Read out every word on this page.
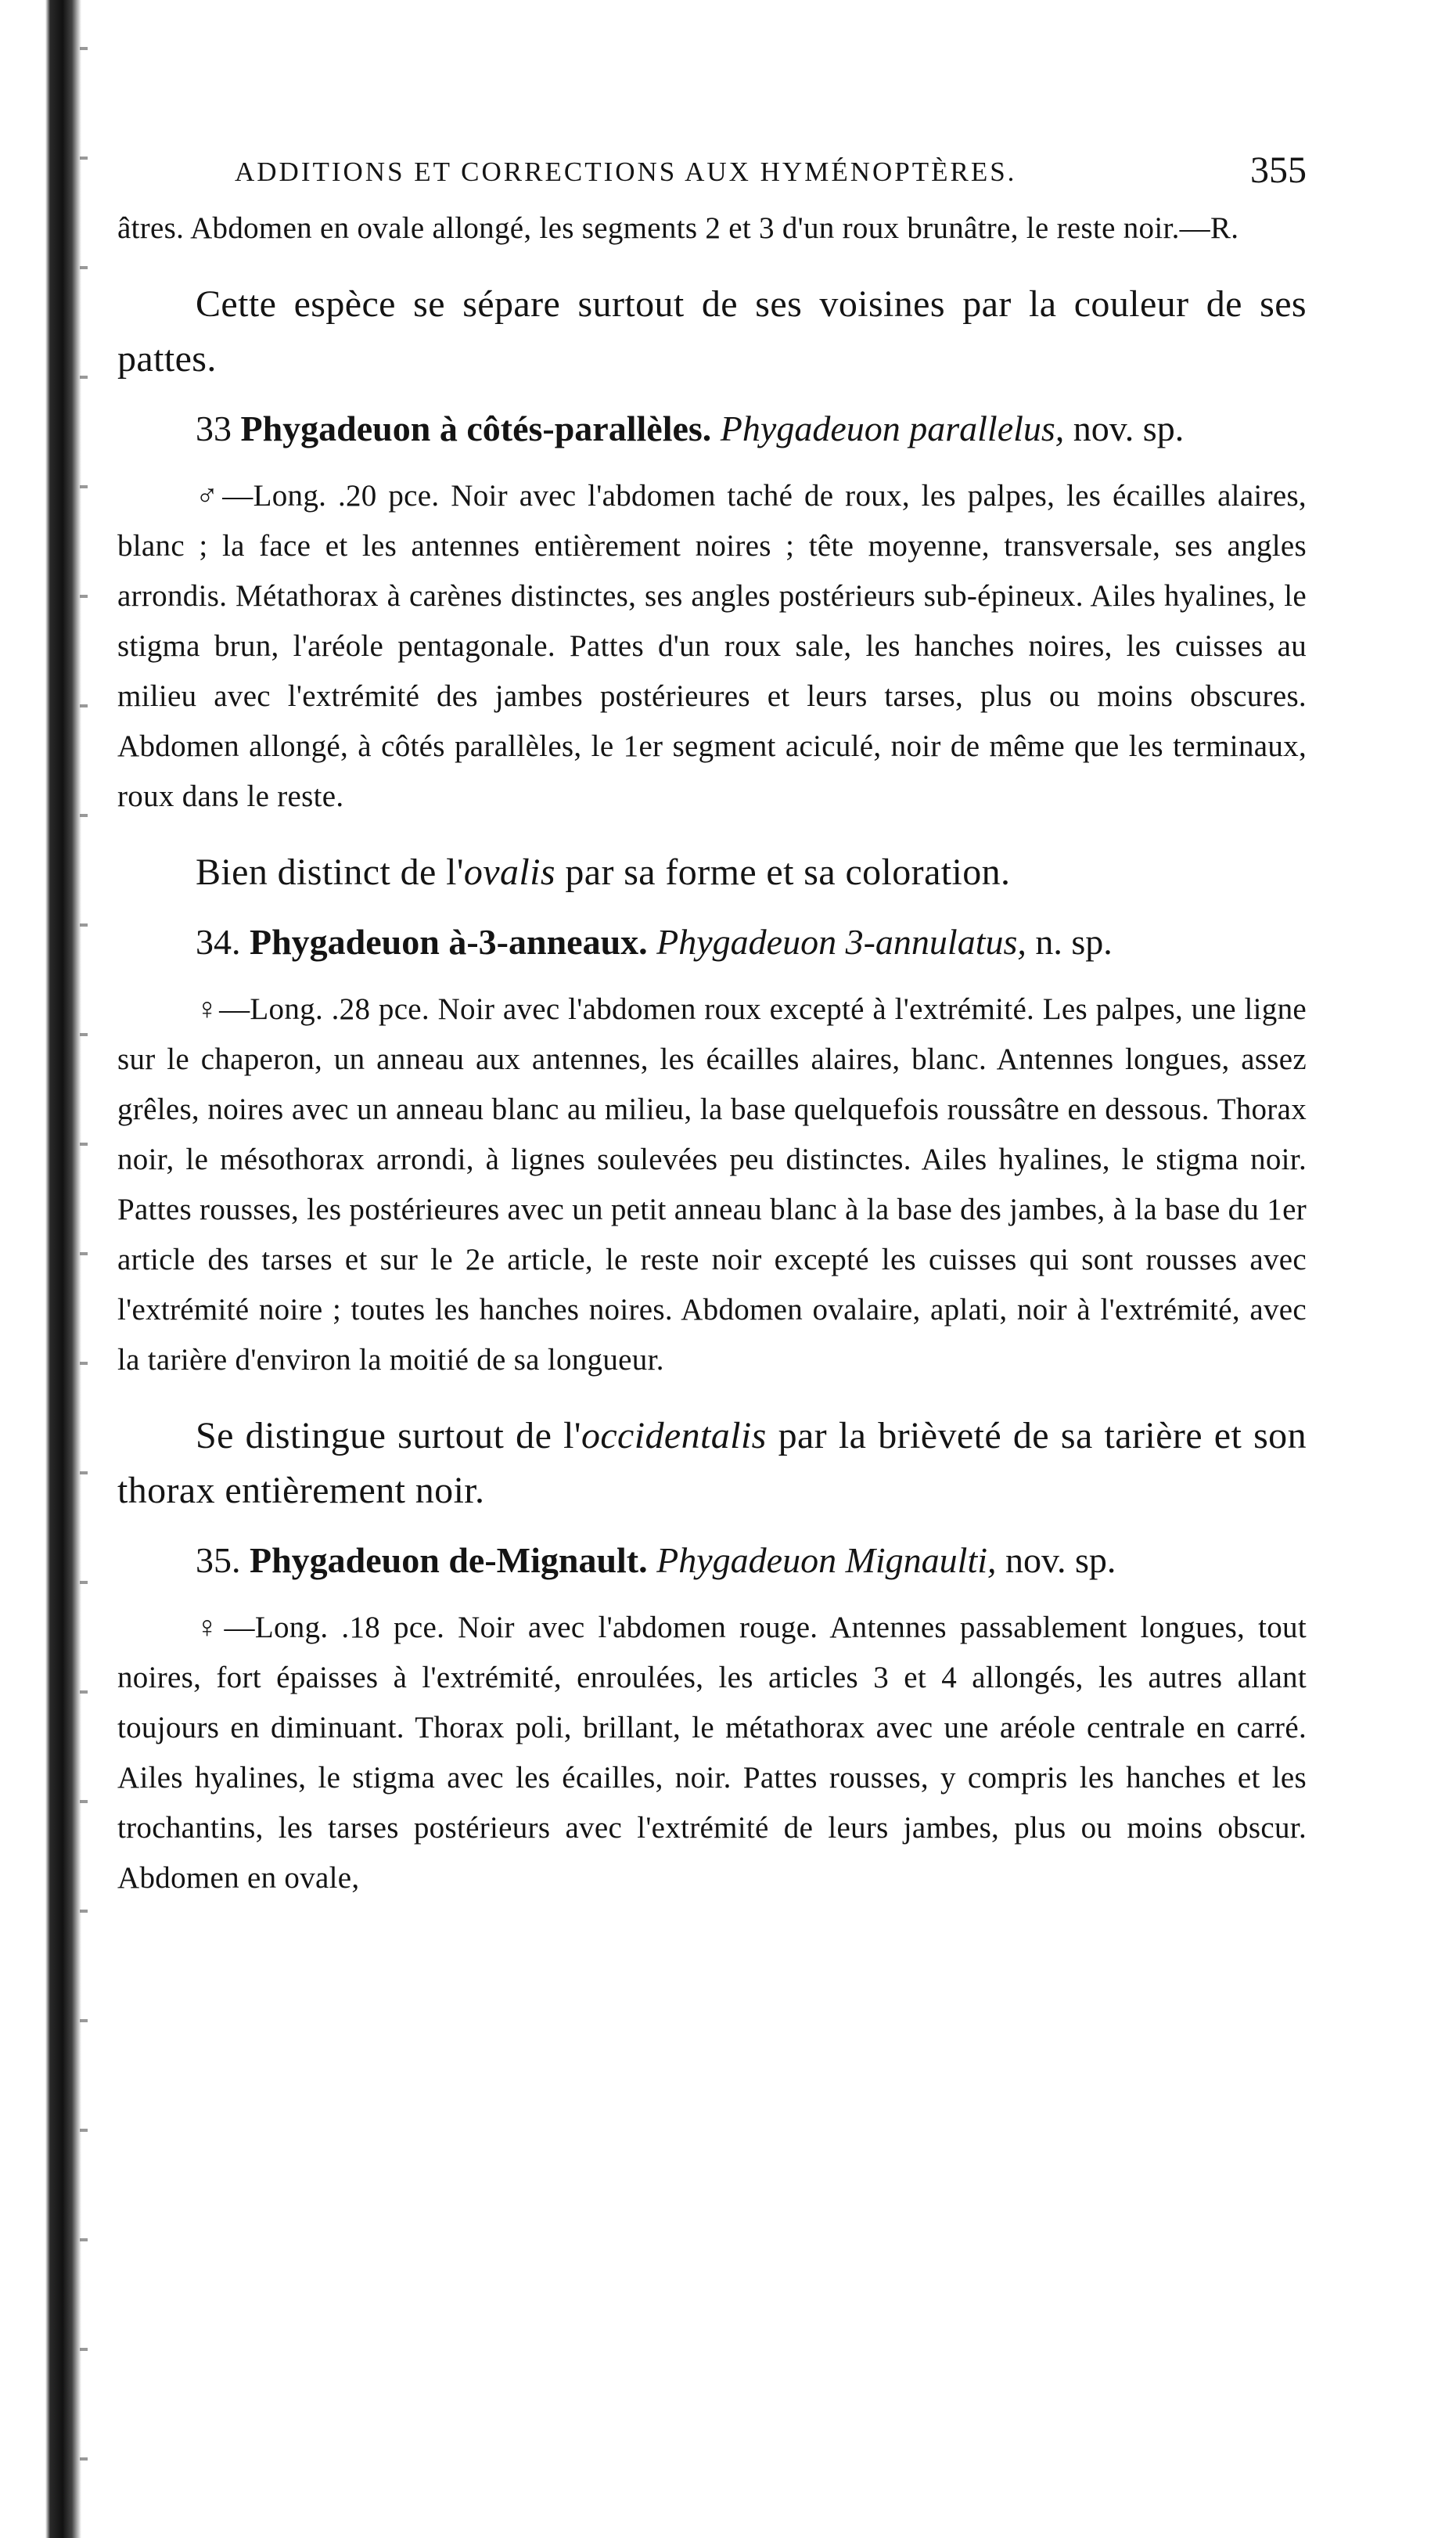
ADDITIONS ET CORRECTIONS AUX HYMÉNOPTÈRES.	355

âtres. Abdomen en ovale allongé, les segments 2 et 3 d'un roux brunâtre, le reste noir.—R.

Cette espèce se sépare surtout de ses voisines par la couleur de ses pattes.

33 Phygadeuon à côtés-parallèles. Phygadeuon parallelus, nov. sp.

♂—Long. .20 pce. Noir avec l'abdomen taché de roux, les palpes, les écailles alaires, blanc ; la face et les antennes entièrement noires ; tête moyenne, transversale, ses angles arrondis. Métathorax à carènes distinctes, ses angles postérieurs sub-épineux. Ailes hyalines, le stigma brun, l'aréole pentagonale. Pattes d'un roux sale, les hanches noires, les cuisses au milieu avec l'extrémité des jambes postérieures et leurs tarses, plus ou moins obscures. Abdomen allongé, à côtés parallèles, le 1er segment aciculé, noir de même que les terminaux, roux dans le reste.

Bien distinct de l'ovalis par sa forme et sa coloration.

34. Phygadeuon à-3-anneaux. Phygadeuon 3-annulatus, n. sp.

♀—Long. .28 pce. Noir avec l'abdomen roux excepté à l'extrémité. Les palpes, une ligne sur le chaperon, un anneau aux antennes, les écailles alaires, blanc. Antennes longues, assez grêles, noires avec un anneau blanc au milieu, la base quelquefois roussâtre en dessous. Thorax noir, le mésothorax arrondi, à lignes soulevées peu distinctes. Ailes hyalines, le stigma noir. Pattes rousses, les postérieures avec un petit anneau blanc à la base des jambes, à la base du 1er article des tarses et sur le 2e article, le reste noir excepté les cuisses qui sont rousses avec l'extrémité noire ; toutes les hanches noires. Abdomen ovalaire, aplati, noir à l'extrémité, avec la tarière d'environ la moitié de sa longueur.

Se distingue surtout de l'occidentalis par la brièveté de sa tarière et son thorax entièrement noir.

35. Phygadeuon de-Mignault. Phygadeuon Mignaulti, nov. sp.

♀—Long. .18 pce. Noir avec l'abdomen rouge. Antennes passablement longues, tout noires, fort épaisses à l'extrémité, enroulées, les articles 3 et 4 allongés, les autres allant toujours en diminuant. Thorax poli, brillant, le métathorax avec une aréole centrale en carré. Ailes hyalines, le stigma avec les écailles, noir. Pattes rousses, y compris les hanches et les trochantins, les tarses postérieurs avec l'extrémité de leurs jambes, plus ou moins obscur. Abdomen en ovale,
